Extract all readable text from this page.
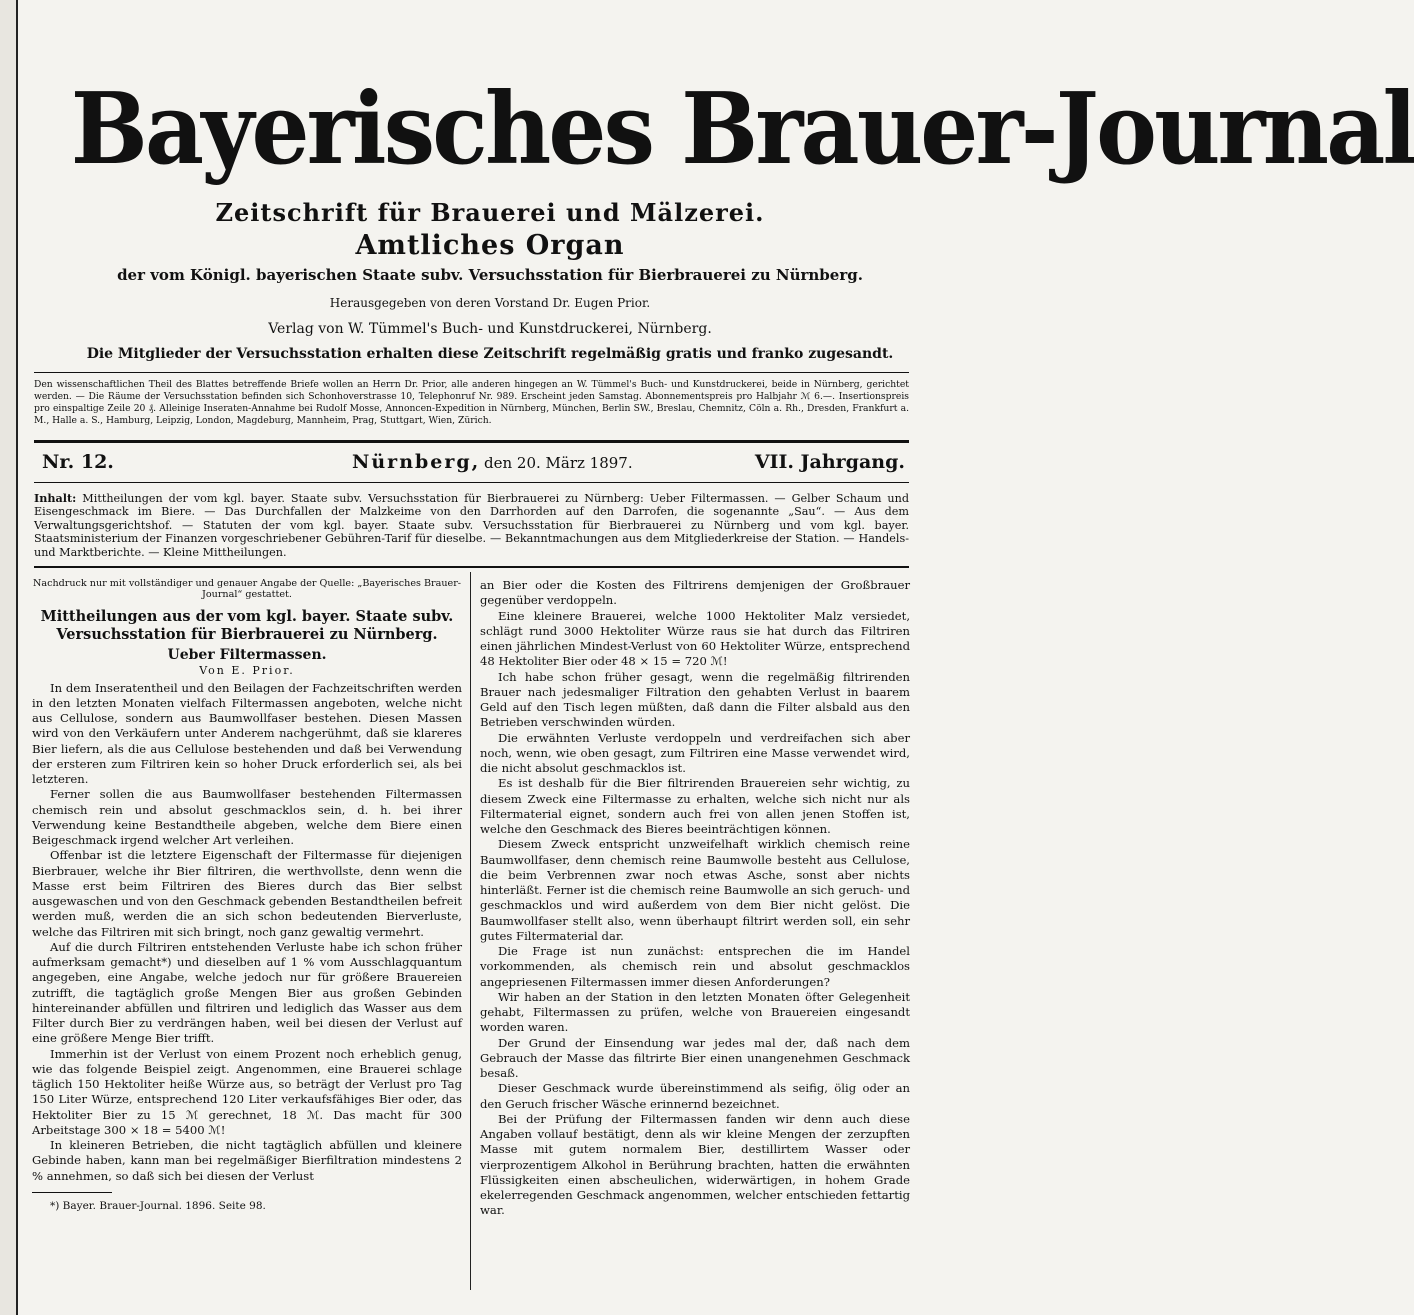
Bayerisches Brauer-Journal
Zeitschrift für Brauerei und Mälzerei.
Amtliches Organ
der vom Königl. bayerischen Staate subv. Versuchsstation für Bierbrauerei zu Nürnberg.
Herausgegeben von deren Vorstand Dr. Eugen Prior.
Verlag von W. Tümmel's Buch- und Kunstdruckerei, Nürnberg.
Die Mitglieder der Versuchsstation erhalten diese Zeitschrift regelmäßig gratis und franko zugesandt.

Den wissenschaftlichen Theil des Blattes betreffende Briefe wollen an Herrn Dr. Prior, alle anderen hingegen an W. Tümmel's Buch- und Kunstdruckerei, beide in Nürnberg, gerichtet werden. — Die Räume der Versuchsstation befinden sich Schonhoverstrasse 10, Telephonruf Nr. 989. Erscheint jeden Samstag. Abonnementspreis pro Halbjahr ℳ 6.—. Insertionspreis pro einspaltige Zeile 20 ₰. Alleinige Inseraten-Annahme bei Rudolf Mosse, Annoncen-Expedition in Nürnberg, München, Berlin SW., Breslau, Chemnitz, Cöln a. Rh., Dresden, Frankfurt a. M., Halle a. S., Hamburg, Leipzig, London, Magdeburg, Mannheim, Prag, Stuttgart, Wien, Zürich.

Nr. 12.	Nürnberg, den 20. März 1897.	VII. Jahrgang.
Inhalt: Mittheilungen der vom kgl. bayer. Staate subv. Versuchsstation für Bierbrauerei zu Nürnberg: Ueber Filtermassen. — Gelber Schaum und Eisengeschmack im Biere. — Das Durchfallen der Malzkeime von den Darrhorden auf den Darrofen, die sogenannte „Sau“. — Aus dem Verwaltungsgerichtshof. — Statuten der vom kgl. bayer. Staate subv. Versuchsstation für Bierbrauerei zu Nürnberg und vom kgl. bayer. Staatsministerium der Finanzen vorgeschriebener Gebühren-Tarif für dieselbe. — Bekanntmachungen aus dem Mitgliederkreise der Station. — Handels- und Marktberichte. — Kleine Mittheilungen.
Nachdruck nur mit vollständiger und genauer Angabe der Quelle: „Bayerisches Brauer-Journal“ gestattet.
Mittheilungen aus der vom kgl. bayer. Staate subv. Versuchsstation für Bierbrauerei zu Nürnberg.
Ueber Filtermassen.
Von E. Prior.

In dem Inseratentheil und den Beilagen der Fachzeitschriften werden in den letzten Monaten vielfach Filtermassen angeboten, welche nicht aus Cellulose, sondern aus Baumwollfaser bestehen. Diesen Massen wird von den Verkäufern unter Anderem nachgerühmt, daß sie klareres Bier liefern, als die aus Cellulose bestehenden und daß bei Verwendung der ersteren zum Filtriren kein so hoher Druck erforderlich sei, als bei letzteren.

Ferner sollen die aus Baumwollfaser bestehenden Filtermassen chemisch rein und absolut geschmacklos sein, d. h. bei ihrer Verwendung keine Bestandtheile abgeben, welche dem Biere einen Beigeschmack irgend welcher Art verleihen.

Offenbar ist die letztere Eigenschaft der Filtermasse für diejenigen Bierbrauer, welche ihr Bier filtriren, die werthvollste, denn wenn die Masse erst beim Filtriren des Bieres durch das Bier selbst ausgewaschen und von den Geschmack gebenden Bestandtheilen befreit werden muß, werden die an sich schon bedeutenden Bierverluste, welche das Filtriren mit sich bringt, noch ganz gewaltig vermehrt.

Auf die durch Filtriren entstehenden Verluste habe ich schon früher aufmerksam gemacht*) und dieselben auf 1 % vom Ausschlagquantum angegeben, eine Angabe, welche jedoch nur für größere Brauereien zutrifft, die tagtäglich große Mengen Bier aus großen Gebinden hintereinander abfüllen und filtriren und lediglich das Wasser aus dem Filter durch Bier zu verdrängen haben, weil bei diesen der Verlust auf eine größere Menge Bier trifft.

Immerhin ist der Verlust von einem Prozent noch erheblich genug, wie das folgende Beispiel zeigt. Angenommen, eine Brauerei schlage täglich 150 Hektoliter heiße Würze aus, so beträgt der Verlust pro Tag 150 Liter Würze, entsprechend 120 Liter verkaufsfähiges Bier oder, das Hektoliter Bier zu 15 ℳ gerechnet, 18 ℳ. Das macht für 300 Arbeitstage 300 × 18 = 5400 ℳ!

In kleineren Betrieben, die nicht tagtäglich abfüllen und kleinere Gebinde haben, kann man bei regelmäßiger Bierfiltration mindestens 2 % annehmen, so daß sich bei diesen der Verlust

*) Bayer. Brauer-Journal. 1896. Seite 98.

an Bier oder die Kosten des Filtrirens demjenigen der Großbrauer gegenüber verdoppeln.

Eine kleinere Brauerei, welche 1000 Hektoliter Malz versiedet, schlägt rund 3000 Hektoliter Würze raus sie hat durch das Filtriren einen jährlichen Mindest-Verlust von 60 Hektoliter Würze, entsprechend 48 Hektoliter Bier oder 48 × 15 = 720 ℳ!

Ich habe schon früher gesagt, wenn die regelmäßig filtrirenden Brauer nach jedesmaliger Filtration den gehabten Verlust in baarem Geld auf den Tisch legen müßten, daß dann die Filter alsbald aus den Betrieben verschwinden würden.

Die erwähnten Verluste verdoppeln und verdreifachen sich aber noch, wenn, wie oben gesagt, zum Filtriren eine Masse verwendet wird, die nicht absolut geschmacklos ist.

Es ist deshalb für die Bier filtrirenden Brauereien sehr wichtig, zu diesem Zweck eine Filtermasse zu erhalten, welche sich nicht nur als Filtermaterial eignet, sondern auch frei von allen jenen Stoffen ist, welche den Geschmack des Bieres beeinträchtigen können.

Diesem Zweck entspricht unzweifelhaft wirklich chemisch reine Baumwollfaser, denn chemisch reine Baumwolle besteht aus Cellulose, die beim Verbrennen zwar noch etwas Asche, sonst aber nichts hinterläßt. Ferner ist die chemisch reine Baumwolle an sich geruch- und geschmacklos und wird außerdem von dem Bier nicht gelöst. Die Baumwollfaser stellt also, wenn überhaupt filtrirt werden soll, ein sehr gutes Filtermaterial dar.

Die Frage ist nun zunächst: entsprechen die im Handel vorkommenden, als chemisch rein und absolut geschmacklos angepriesenen Filtermassen immer diesen Anforderungen?

Wir haben an der Station in den letzten Monaten öfter Gelegenheit gehabt, Filtermassen zu prüfen, welche von Brauereien eingesandt worden waren.

Der Grund der Einsendung war jedes mal der, daß nach dem Gebrauch der Masse das filtrirte Bier einen unangenehmen Geschmack besaß.

Dieser Geschmack wurde übereinstimmend als seifig, ölig oder an den Geruch frischer Wäsche erinnernd bezeichnet.

Bei der Prüfung der Filtermassen fanden wir denn auch diese Angaben vollauf bestätigt, denn als wir kleine Mengen der zerzupften Masse mit gutem normalem Bier, destillirtem Wasser oder vierprozentigem Alkohol in Berührung brachten, hatten die erwähnten Flüssigkeiten einen abscheulichen, widerwärtigen, in hohem Grade ekelerregenden Geschmack angenommen, welcher entschieden fettartig war.
